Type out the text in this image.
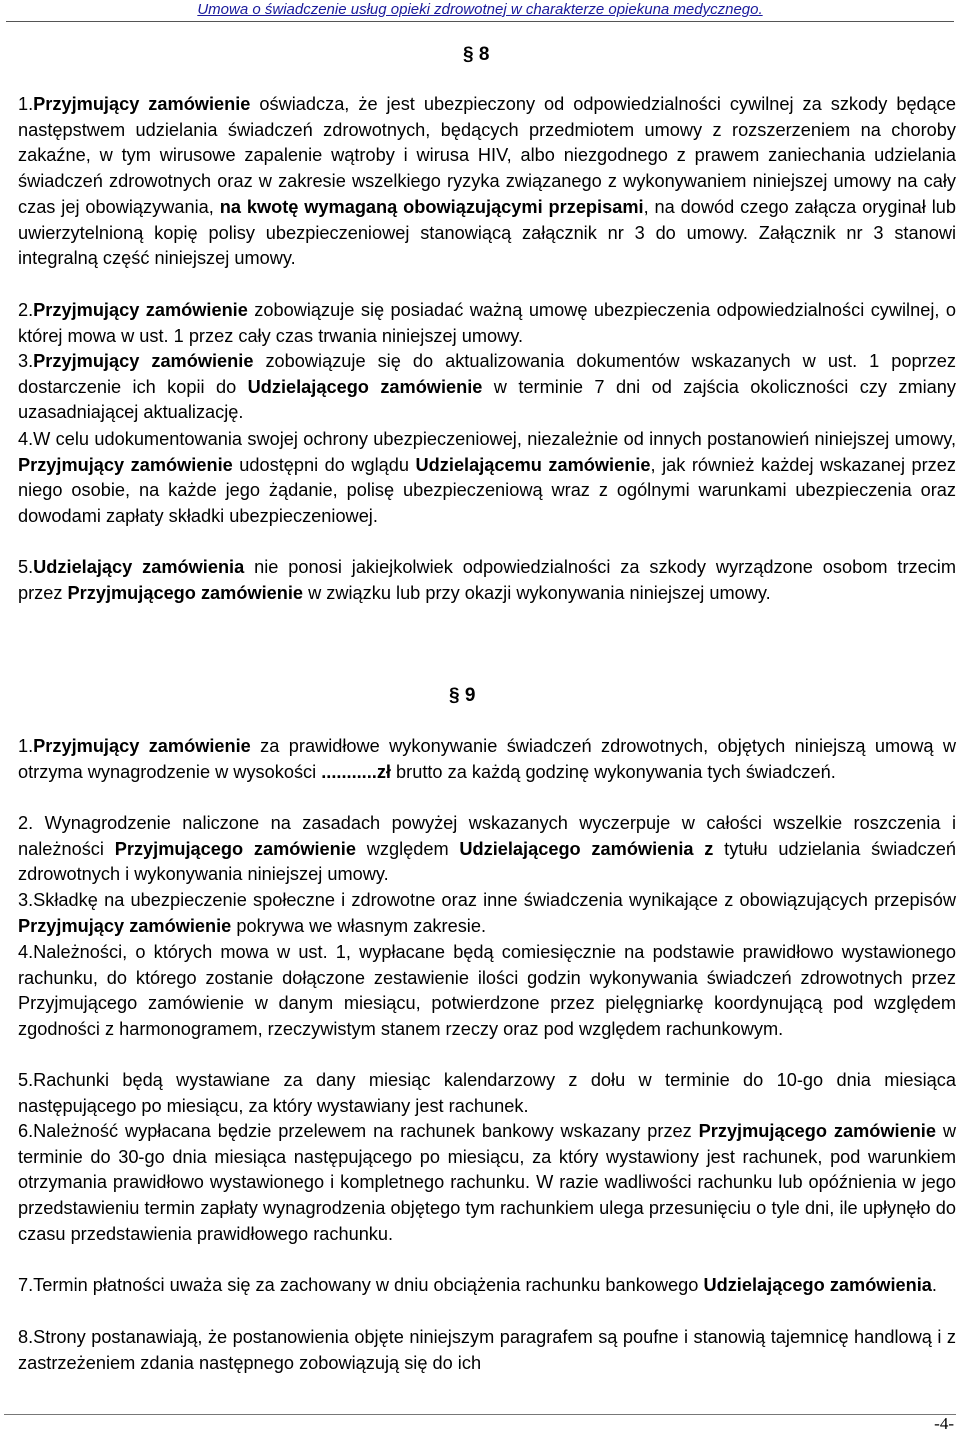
Umowa o świadczenie usług opieki zdrowotnej w charakterze opiekuna medycznego.
§ 8
1.Przyjmujący zamówienie oświadcza, że jest ubezpieczony od odpowiedzialności cywilnej za szkody będące następstwem udzielania świadczeń zdrowotnych, będących przedmiotem umowy z rozszerzeniem na choroby zakaźne, w tym wirusowe zapalenie wątroby i wirusa HIV, albo niezgodnego z prawem zaniechania udzielania świadczeń zdrowotnych oraz w zakresie wszelkiego ryzyka związanego z wykonywaniem niniejszej umowy na cały czas jej obowiązywania, na kwotę wymaganą obowiązującymi przepisami, na dowód czego załącza oryginał lub uwierzytelnioną kopię polisy ubezpieczeniowej stanowiącą załącznik nr 3 do umowy. Załącznik nr 3 stanowi integralną część niniejszej umowy.
2.Przyjmujący zamówienie zobowiązuje się posiadać ważną umowę ubezpieczenia odpowiedzialności cywilnej, o której mowa w ust. 1 przez cały czas trwania niniejszej umowy.
3.Przyjmujący zamówienie zobowiązuje się do aktualizowania dokumentów wskazanych w ust. 1 poprzez dostarczenie ich kopii do Udzielającego zamówienie w terminie 7 dni od zajścia okoliczności czy zmiany uzasadniającej aktualizację.
4.W celu udokumentowania swojej ochrony ubezpieczeniowej, niezależnie od innych postanowień niniejszej umowy, Przyjmujący zamówienie udostępni do wglądu Udzielającemu zamówienie, jak również każdej wskazanej przez niego osobie, na każde jego żądanie, polisę ubezpieczeniową wraz z ogólnymi warunkami ubezpieczenia oraz dowodami zapłaty składki ubezpieczeniowej.
5.Udzielający zamówienia nie ponosi jakiejkolwiek odpowiedzialności za szkody wyrządzone osobom trzecim przez Przyjmującego zamówienie w związku lub przy okazji wykonywania niniejszej umowy.
§ 9
1.Przyjmujący zamówienie za prawidłowe wykonywanie świadczeń zdrowotnych, objętych niniejszą umową w otrzyma wynagrodzenie w wysokości ...........zł brutto za każdą godzinę wykonywania tych świadczeń.
2. Wynagrodzenie naliczone na zasadach powyżej wskazanych wyczerpuje w całości wszelkie roszczenia i należności Przyjmującego zamówienie względem Udzielającego zamówienia z tytułu udzielania świadczeń zdrowotnych i wykonywania niniejszej umowy.
3.Składkę na ubezpieczenie społeczne i zdrowotne oraz inne świadczenia wynikające z obowiązujących przepisów Przyjmujący zamówienie pokrywa we własnym zakresie.
4.Należności, o których mowa w ust. 1, wypłacane będą comiesięcznie na podstawie prawidłowo wystawionego rachunku, do którego zostanie dołączone zestawienie ilości godzin wykonywania świadczeń zdrowotnych przez Przyjmującego zamówienie w danym miesiącu, potwierdzone przez pielęgniarkę koordynującą pod względem zgodności z harmonogramem, rzeczywistym stanem rzeczy oraz pod względem rachunkowym.
5.Rachunki będą wystawiane za dany miesiąc kalendarzowy z dołu w terminie do 10-go dnia miesiąca następującego po miesiącu, za który wystawiany jest rachunek.
6.Należność wypłacana będzie przelewem na rachunek bankowy wskazany przez Przyjmującego zamówienie w terminie do 30-go dnia miesiąca następującego po miesiącu, za który wystawiony jest rachunek, pod warunkiem otrzymania prawidłowo wystawionego i kompletnego rachunku. W razie wadliwości rachunku lub opóźnienia w jego przedstawieniu termin zapłaty wynagrodzenia objętego tym rachunkiem ulega przesunięciu o tyle dni, ile upłynęło do czasu przedstawienia prawidłowego rachunku.
7.Termin płatności uważa się za zachowany w dniu obciążenia rachunku bankowego Udzielającego zamówienia.
8.Strony postanawiają, że postanowienia objęte niniejszym paragrafem są poufne i stanowią tajemnicę handlową i z zastrzeżeniem zdania następnego zobowiązują się do ich
-4-
